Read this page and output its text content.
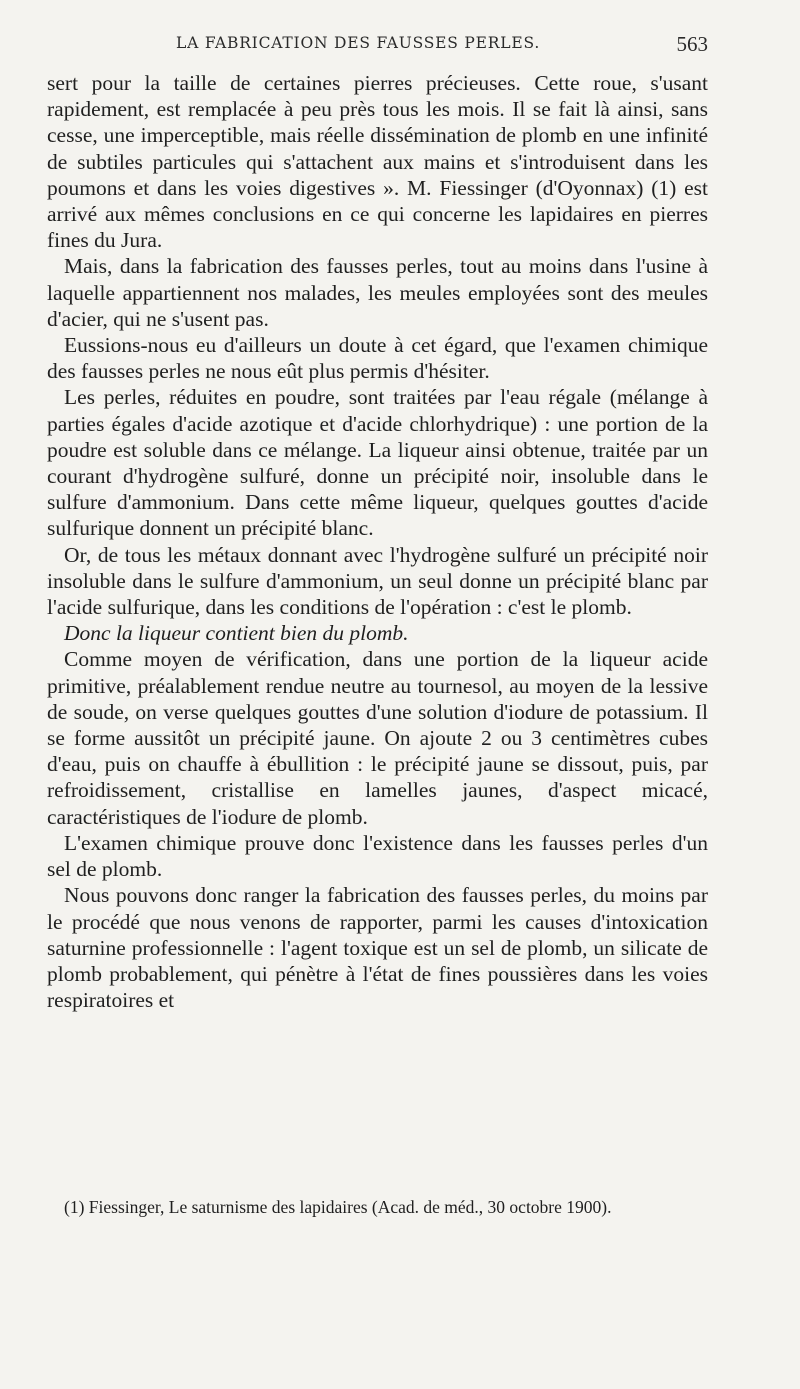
LA FABRICATION DES FAUSSES PERLES.	563

sert pour la taille de certaines pierres précieuses. Cette roue, s'usant rapidement, est remplacée à peu près tous les mois. Il se fait là ainsi, sans cesse, une imperceptible, mais réelle dissémination de plomb en une infinité de subtiles particules qui s'attachent aux mains et s'introduisent dans les poumons et dans les voies digestives ». M. Fiessinger (d'Oyonnax) (1) est arrivé aux mêmes conclusions en ce qui concerne les lapidaires en pierres fines du Jura.

Mais, dans la fabrication des fausses perles, tout au moins dans l'usine à laquelle appartiennent nos malades, les meules employées sont des meules d'acier, qui ne s'usent pas.

Eussions-nous eu d'ailleurs un doute à cet égard, que l'examen chimique des fausses perles ne nous eût plus permis d'hésiter.

Les perles, réduites en poudre, sont traitées par l'eau régale (mélange à parties égales d'acide azotique et d'acide chlorhydrique) : une portion de la poudre est soluble dans ce mélange. La liqueur ainsi obtenue, traitée par un courant d'hydrogène sulfuré, donne un précipité noir, insoluble dans le sulfure d'ammonium. Dans cette même liqueur, quelques gouttes d'acide sulfurique donnent un précipité blanc.

Or, de tous les métaux donnant avec l'hydrogène sulfuré un précipité noir insoluble dans le sulfure d'ammonium, un seul donne un précipité blanc par l'acide sulfurique, dans les conditions de l'opération : c'est le plomb.

Donc la liqueur contient bien du plomb.

Comme moyen de vérification, dans une portion de la liqueur acide primitive, préalablement rendue neutre au tournesol, au moyen de la lessive de soude, on verse quelques gouttes d'une solution d'iodure de potassium. Il se forme aussitôt un précipité jaune. On ajoute 2 ou 3 centimètres cubes d'eau, puis on chauffe à ébullition : le précipité jaune se dissout, puis, par refroidissement, cristallise en lamelles jaunes, d'aspect micacé, caractéristiques de l'iodure de plomb.

L'examen chimique prouve donc l'existence dans les fausses perles d'un sel de plomb.

Nous pouvons donc ranger la fabrication des fausses perles, du moins par le procédé que nous venons de rapporter, parmi les causes d'intoxication saturnine professionnelle : l'agent toxique est un sel de plomb, un silicate de plomb probablement, qui pénètre à l'état de fines poussières dans les voies respiratoires et

(1) Fiessinger, Le saturnisme des lapidaires (Acad. de méd., 30 octobre 1900).
